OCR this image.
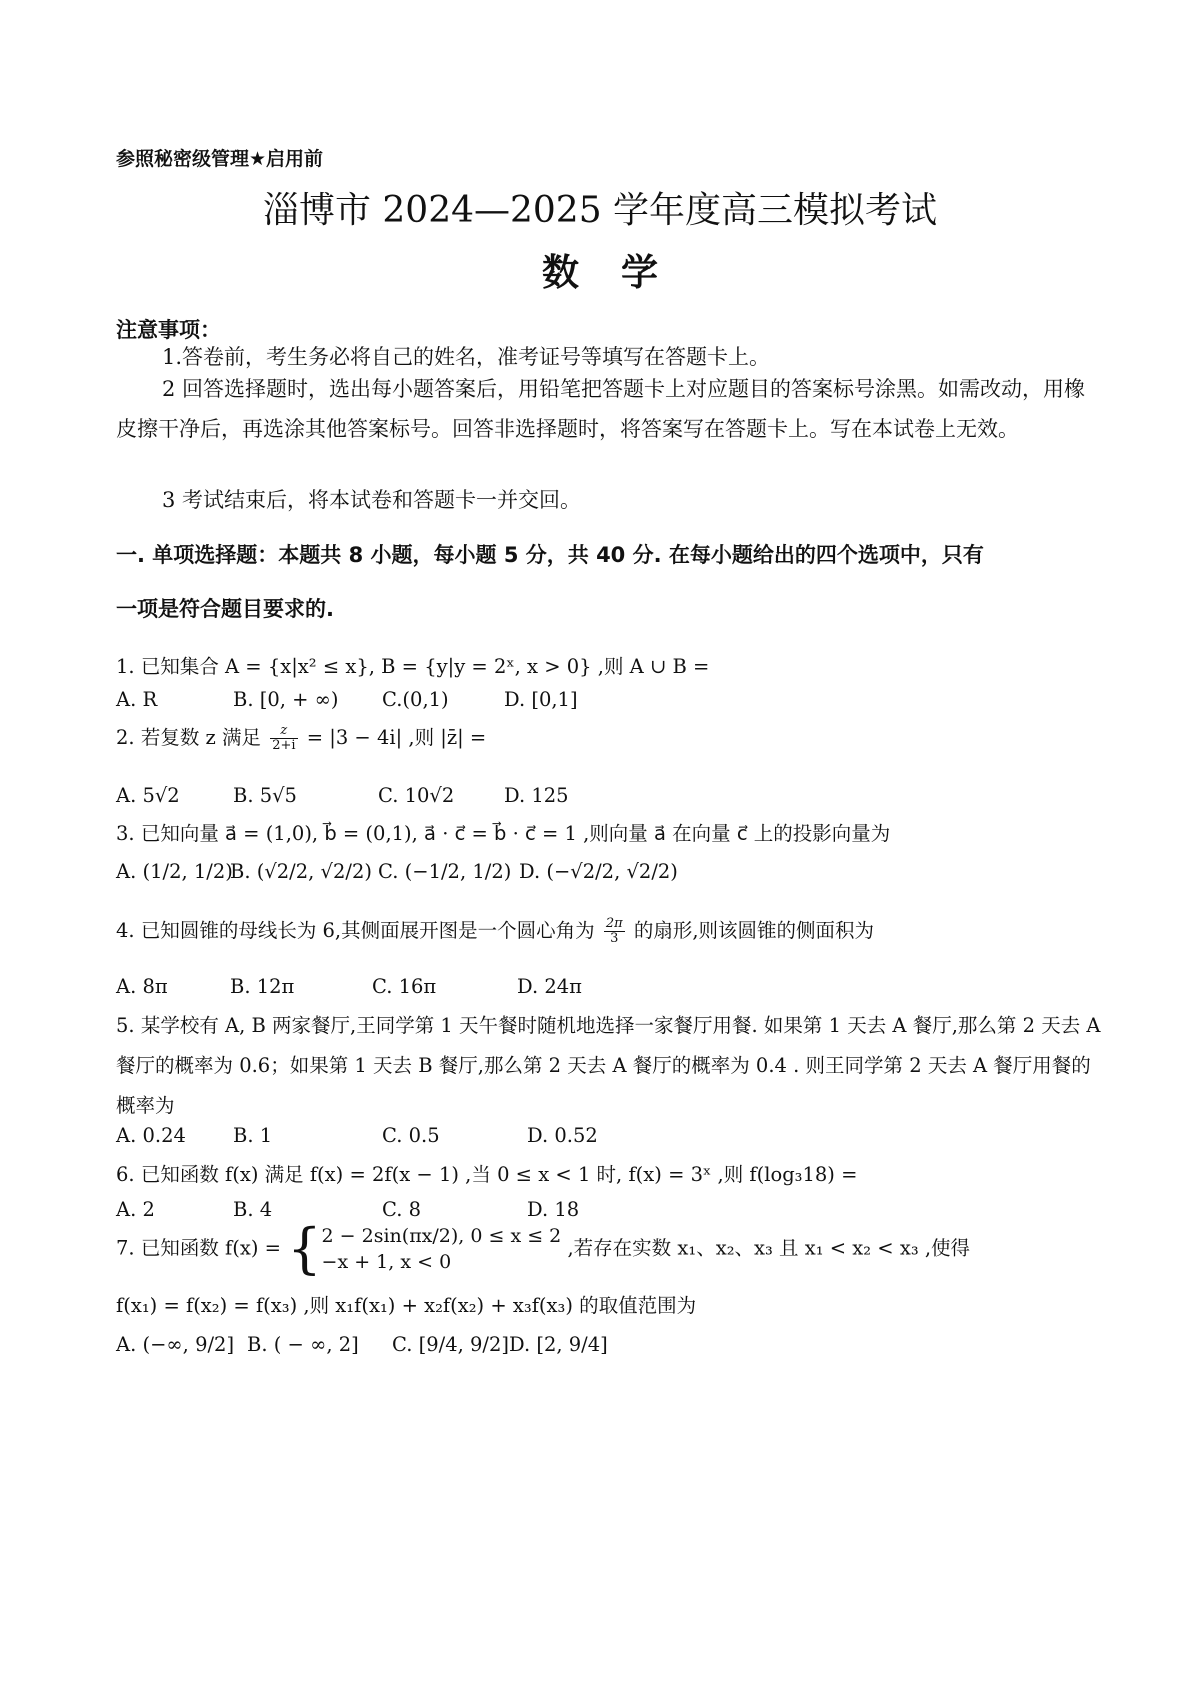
参照秘密级管理★启用前
淄博市 2024—2025 学年度高三模拟考试
数学
注意事项：
1.答卷前，考生务必将自己的姓名，准考证号等填写在答题卡上。
2 回答选择题时，选出每小题答案后，用铅笔把答题卡上对应题目的答案标号涂黑。如需改动，用橡皮擦干净后，再选涂其他答案标号。回答非选择题时，将答案写在答题卡上。写在本试卷上无效。
3 考试结束后，将本试卷和答题卡一并交回。
一. 单项选择题：本题共 8 小题，每小题 5 分，共 40 分. 在每小题给出的四个选项中，只有
一项是符合题目要求的.
1. 已知集合 A = {x|x² ≤ x}, B = {y|y = 2ˣ, x > 0} ,则 A ∪ B =
A. R	B. [0, + ∞) C.(0,1)	D. [0,1]
2. 若复数 z 满足 $\frac{z}{2+i} = |3 - 4i|$ ,则 |z̄| =
A. 5√2	B. 5√5	C. 10√2	D. 125
3. 已知向量 a⃗ = (1,0), b⃗ = (0,1), a⃗ · c⃗ = b⃗ · c⃗ = 1 ,则向量 a⃗ 在向量 c⃗ 上的投影向量为
A. (1/2, 1/2)
B. (√2/2, √2/2) C. (−1/2, 1/2) D. (−√2/2, √2/2)
4. 已知圆锥的母线长为 6,其侧面展开图是一个圆心角为 $\frac{2\pi}{3}$ 的扇形,则该圆锥的侧面积为
A. 8π	B. 12π	C. 16π	D. 24π
5. 某学校有 A, B 两家餐厅,王同学第 1 天午餐时随机地选择一家餐厅用餐. 如果第 1 天去 A 餐厅,那么第 2 天去 A 餐厅的概率为 0.6；如果第 1 天去 B 餐厅,那么第 2 天去 A 餐厅的概率为 0.4 . 则王同学第 2 天去 A 餐厅用餐的概率为
A. 0.24 B. 1	C. 0.5	D. 0.52
6. 已知函数 f(x) 满足 f(x) = 2f(x − 1) ,当 0 ≤ x < 1 时, f(x) = 3ˣ ,则 f(log₃18) =
A. 2	B. 4	C. 8	D. 18
7. 已知函数 f(x) = { 2 − 2sin(πx/2), 0 ≤ x ≤ 2
−x + 1, x < 0
,若存在实数 x₁、x₂、x₃ 且 x₁ < x₂ < x₃ ,使得
f(x₁) = f(x₂) = f(x₃) ,则 x₁f(x₁) + x₂f(x₂) + x₃f(x₃) 的取值范围为
A. (−∞, 9/2] B. ( − ∞, 2] C. [9/4, 9/2] D. [2, 9/4]
